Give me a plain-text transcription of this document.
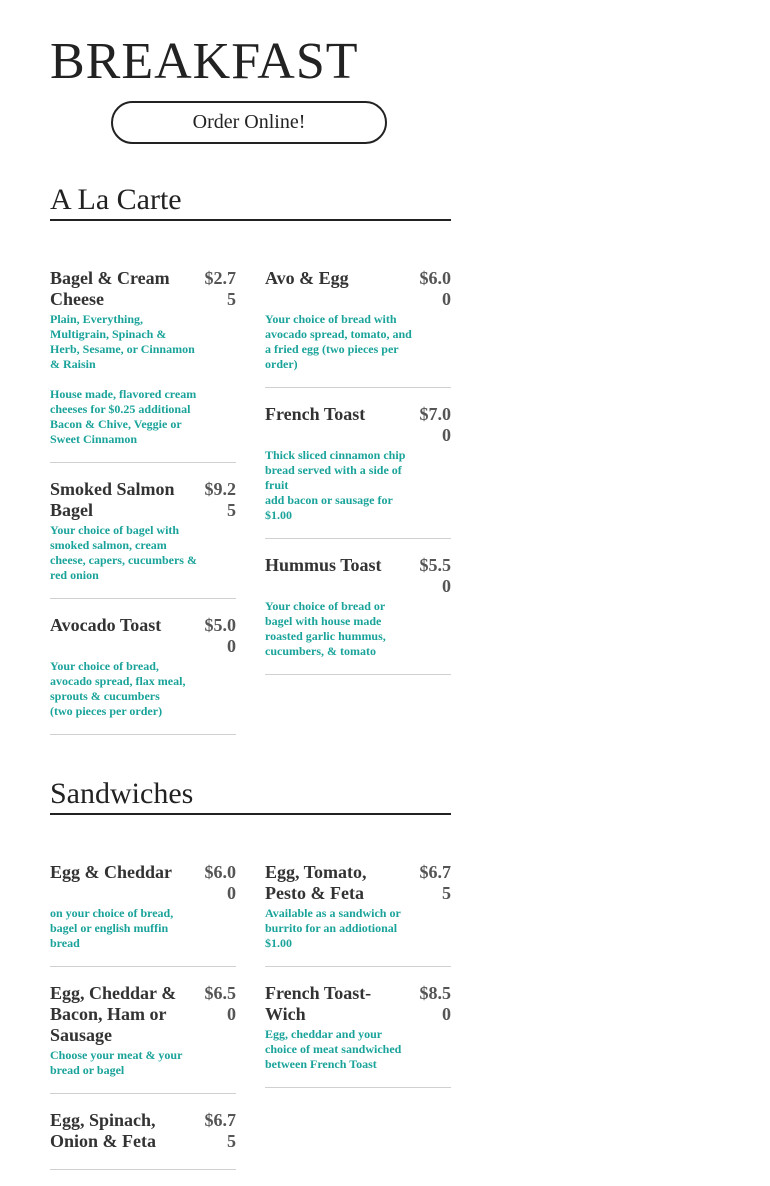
BREAKFAST
Order Online!
A La Carte
Bagel & Cream Cheese
$2.75
Plain, Everything, Multigrain, Spinach & Herb, Sesame, or Cinnamon & Raisin

House made, flavored cream cheeses for $0.25 additional Bacon & Chive, Veggie or Sweet Cinnamon
Smoked Salmon Bagel
$9.25
Your choice of bagel with smoked salmon, cream cheese, capers, cucumbers & red onion
Avocado Toast	$5.00
Your choice of bread, avocado spread, flax meal, sprouts & cucumbers
(two pieces per order)
Avo & Egg	$6.00
Your choice of bread with avocado spread, tomato, and a fried egg (two pieces per order)
French Toast	$7.00
Thick sliced cinnamon chip bread served with a side of fruit
add bacon or sausage for $1.00
Hummus Toast	$5.50
Your choice of bread or bagel with house made roasted garlic hummus, cucumbers, & tomato
Sandwiches
Egg & Cheddar	$6.00
on your choice of bread, bagel or english muffin bread
Egg, Cheddar & Bacon, Ham or Sausage
$6.50
Choose your meat & your bread or bagel
Egg, Spinach, Onion & Feta
$6.75
Egg, Tomato, Pesto & Feta
$6.75
Available as a sandwich or burrito for an addiotional $1.00
French Toast-Wich
$8.50
Egg, cheddar and your choice of meat sandwiched between French Toast
